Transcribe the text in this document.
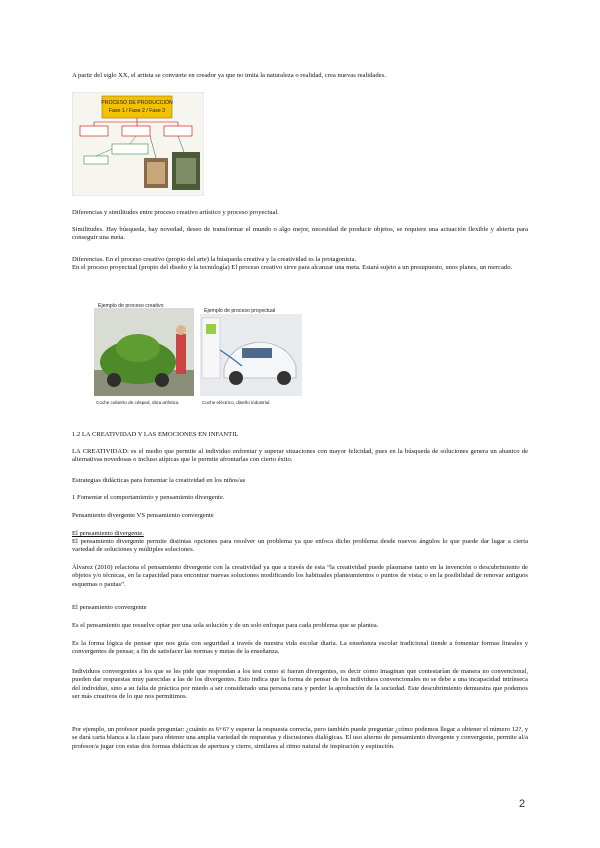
A partir del siglo XX, el artista se convierte en creador ya que no imita la naturaleza o realidad, crea nuevas realidades.

PROCESO DE PRODUCCIÓN
Fase 1 / Fase 2 / Fase 3

Diferencias y similitudes entre proceso creativo artístico y proceso proyectual.

Similitudes. Hay búsqueda, hay novedad, deseo de transformar el mundo o algo mejor, necesidad de producir objetos, se requiere una actuación flexible y abierta para conseguir una meta.

Diferencias. En el proceso creativo (propio del arte) la búsqueda creativa y la creatividad es la protagonista.

En el proceso proyectual (propio del diseño y la tecnología) El proceso creativo sirve para alcanzar una meta. Estará sujeto a un presupuesto, unos planes, un mercado.

Ejemplo de proceso creativo
Coche cubierto de césped, obra artística
Ejemplo de proceso proyectual
Coche eléctrico, diseño industrial

1.2 LA CREATIVIDAD Y LAS EMOCIONES EN INFANTIL

LA CREATIVIDAD: es el medio que permite al individuo enfrentar y superar situaciones con mayor felicidad, pues en la búsqueda de soluciones genera un abanico de alternativas novedosas o incluso atípicas que le permite afrontarlas con cierto éxito.

Estrategias didácticas para fomentar la creatividad en los niños/as

1 Fomentar el comportamiento y pensamiento divergente.

Pensamiento divergente VS pensamiento convergente

El pensamiento divergente.

El pensamiento divergente permite distintas opciones para resolver un problema ya que enfoca dicho problema desde nuevos ángulos lo que puede dar lugar a cierta variedad de soluciones y múltiples soluciones.

Álvarez (2010) relaciona el pensamiento divergente con la creatividad ya que a través de esta “la creatividad puede plasmarse tanto en la invención o descubrimiento de objetos y/o técnicas, en la capacidad para encontrar nuevas soluciones modificando los habituales planteamientos o puntos de vista; o en la posibilidad de renovar antiguos esquemas o pautas”.

El pensamiento convergente

Es el pensamiento que resuelve optar por una sola solución y de un solo enfoque para cada problema que se plantea.

Es la forma lógica de pensar que nos guía con seguridad a través de nuestra vida escolar diaria. La enseñanza escolar tradicional tiende a fomentar formas lineales y convergentes de pensar, a fin de satisfacer las normas y metas de la enseñanza.

Individuos convergentes a los que se les pide que respondan a los test como si fueran divergentes, es decir como imaginan que contestarían de manera no convencional, pueden dar respuestas muy parecidas a las de los divergentes. Esto indica que la forma de pensar de los individuos convencionales no se debe a una incapacidad intrínseca del individuo, sino a su falta de práctica por miedo a ser considerado una persona rara y perder la aprobación de la sociedad. Este descubrimiento demuestra que podemos ser más creativos de lo que nos permitimos.

Por ejemplo, un profesor puede preguntar: ¿cuánto es 6+6? y esperar la respuesta correcta, pero también puede preguntar ¿cómo podemos llegar a obtener el número 12?, y se dará carta blanca a la clase para obtener una amplia variedad de respuestas y discusiones dialógicas. El uso alterno de pensamiento divergente y convergente, permite al/a profesor/a jugar con estas dos formas didácticas de apertura y cierre, similares al ritmo natural de inspiración y espiración.

2
